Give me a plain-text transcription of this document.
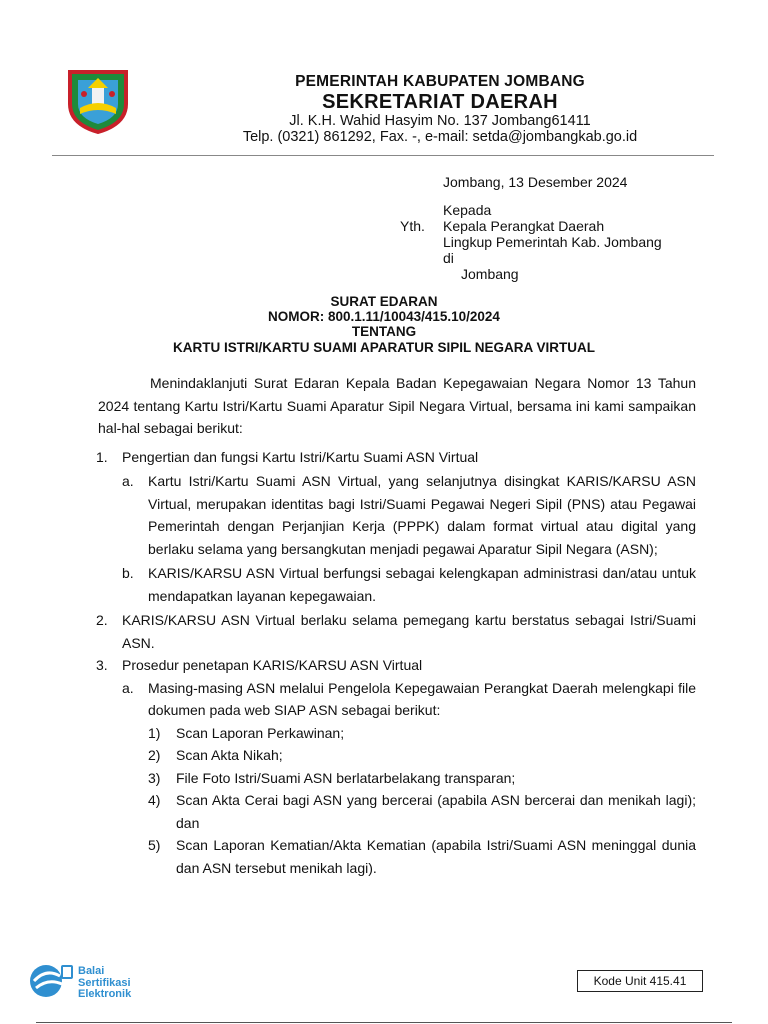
PEMERINTAH KABUPATEN JOMBANG
SEKRETARIAT DAERAH
Jl. K.H. Wahid Hasyim No. 137 Jombang61411
Telp. (0321) 861292, Fax. -, e-mail: setda@jombangkab.go.id
Jombang, 13 Desember 2024
Kepada
Yth. Kepala Perangkat Daerah
Lingkup Pemerintah Kab. Jombang
di
Jombang
SURAT EDARAN
NOMOR: 800.1.11/10043/415.10/2024
TENTANG
KARTU ISTRI/KARTU SUAMI APARATUR SIPIL NEGARA VIRTUAL

Menindaklanjuti Surat Edaran Kepala Badan Kepegawaian Negara Nomor 13 Tahun 2024 tentang Kartu Istri/Kartu Suami Aparatur Sipil Negara Virtual, bersama ini kami sampaikan hal-hal sebagai berikut:

1.	Pengertian dan fungsi Kartu Istri/Kartu Suami ASN Virtual
a.	Kartu Istri/Kartu Suami ASN Virtual, yang selanjutnya disingkat KARIS/KARSU ASN Virtual, merupakan identitas bagi Istri/Suami Pegawai Negeri Sipil (PNS) atau Pegawai Pemerintah dengan Perjanjian Kerja (PPPK) dalam format virtual atau digital yang berlaku selama yang bersangkutan menjadi pegawai Aparatur Sipil Negara (ASN);
b.	KARIS/KARSU ASN Virtual berfungsi sebagai kelengkapan administrasi dan/atau untuk mendapatkan layanan kepegawaian.
2.	KARIS/KARSU ASN Virtual berlaku selama pemegang kartu berstatus sebagai Istri/Suami ASN.
3.	Prosedur penetapan KARIS/KARSU ASN Virtual
a.	Masing-masing ASN melalui Pengelola Kepegawaian Perangkat Daerah melengkapi file dokumen pada web SIAP ASN sebagai berikut:
1)	Scan Laporan Perkawinan;
2)	Scan Akta Nikah;
3)	File Foto Istri/Suami ASN berlatarbelakang transparan;
4)	Scan Akta Cerai bagi ASN yang bercerai (apabila ASN bercerai dan menikah lagi); dan
5)	Scan Laporan Kematian/Akta Kematian (apabila Istri/Suami ASN meninggal dunia dan ASN tersebut menikah lagi).
Balai
Sertifikasi
Elektronik
Kode Unit 415.41
